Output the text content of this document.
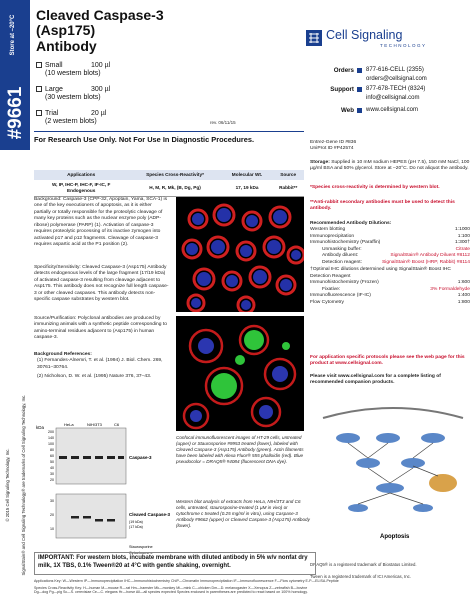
Store at –20°C
#9661
© 2015 Cell Signaling Technology, Inc.	SignalStain® and Cell Signaling Technology® are trademarks of Cell Signaling Technology, Inc.
Cleaved Caspase-3 (Asp175)
Antibody
Small	100 µl
(10 western blots)
Large	300 µl
(30 western blots)
Trial	20 µl
(2 western blots)	rev. 06/11/15
Cell Signaling
TECHNOLOGY
Orders 877-616-CELL (2355)
orders@cellsignal.com
Support 877-678-TECH (8324)
info@cellsignal.com
Web www.cellsignal.com
For Research Use Only. Not For Use In Diagnostic Procedures.
Applications	Species Cross-Reactivity*	Molecular Wt.	Source

W, IP, IHC-P, IHC-F, IF-IC, F
Endogenous	H, M, R, Mk, (B, Dg, Pg)	17, 19 kDa	Rabbit**
Background: Caspase-3 (CPP-32, Apoptain, Yama, SCA-1) is one of the key executioners of apoptosis, as it is either partially or totally responsible for the proteolytic cleavage of many key proteins such as the nuclear enzyme poly (ADP-ribose) polymerase (PARP) (1). Activation of caspase-3 requires proteolytic processing of its inactive zymogen into activated p17 and p12 fragments. Cleavage of caspase-3 requires aspartic acid at the P1 position (2).
Specificity/Sensitivity: Cleaved Caspase-3 (Asp175) Antibody detects endogenous levels of the large fragment (17/19 kDa) of activated caspase-3 resulting from cleavage adjacent to Asp175. This antibody does not recognize full length caspase-3 or other cleaved caspases. This antibody detects non-specific caspase substrates by western blot.
Source/Purification: Polyclonal antibodies are produced by immunizing animals with a synthetic peptide corresponding to amino-terminal residues adjacent to (Asp175) in human caspase-3.
Background References:
(1) Fernandes-Alnemri, T. et al. (1994) J. Biol. Chem. 269, 30761–30764.
(2) Nicholson, D. W. et al. (1995) Nature 376, 37–43.
Confocal immunofluorescent images of HT-29 cells, untreated (upper) or Staurosporine #9953 treated (lower), labeled with Cleaved Caspase-3 (Asp175) Antibody (green). Actin filaments have been labeled with Alexa Fluor® 555 phalloidin (red). Blue pseudocolor = DRAQ5® #4084 (fluorescent DNA dye).
kDa
HeLa	NIH/3T3	C6
Caspase-3
Cleaved Caspase-3
(19 kDa)
(17 kDa)
Staurosporine
Cytochrome c
200
140
100
80
60
50
40
30
20
30
20
10
Western blot analysis of extracts from HeLa, NIH/3T3 and C6 cells, untreated, staurosporine-treated (1 µM in vivo) or cytochrome c treated (0.25 mg/ml in vitro), using Caspase-3 Antibody #9662 (upper) or Cleaved Caspase-3 (Asp175) Antibody (lower).
Entrez-Gene ID #836
UniProt ID #P42574
Storage: Supplied in 10 mM sodium HEPES (pH 7.5), 150 mM NaCl, 100 µg/ml BSA and 50% glycerol. Store at –20°C. Do not aliquot the antibody.
*Species cross-reactivity is determined by western blot.
**Anti-rabbit secondary antibodies must be used to detect this antibody.
Recommended Antibody Dilutions:
Western blotting	1:1000
Immunoprecipitation	1:100
Immunohistochemistry (Paraffin)	1:300†
Unmasking buffer:	Citrate
Antibody diluent:	SignalStain® Antibody Diluent #8112
Detection reagent:	SignalStain® Boost (HRP, Rabbit) #8114
†Optimal IHC dilutions determined using SignalStain® Boost IHC Detection Reagent
Immunohistochemistry (Frozen)	1:600
Fixative:	3% Formaldehyde
Immunofluorescence (IF-IC)	1:400
Flow Cytometry	1:800
For application specific protocols please see the web page for this product at www.cellsignal.com.
Please visit www.cellsignal.com for a complete listing of recommended companion products.
Apoptosis
DRAQ5® is a registered trademark of Biostatus Limited.
Tween is a registered trademark of ICI Americas, Inc.
IMPORTANT: For western blots, incubate membrane with diluted antibody in 5% w/v nonfat dry milk, 1X TBS, 0.1% Tween®20 at 4°C with gentle shaking, overnight.
Applications Key: W—Western IP—Immunoprecipitation IHC—Immunohistochemistry ChIP—Chromatin Immunoprecipitation IF—Immunofluorescence F—Flow cytometry E-P—ELISA-Peptide
Species Cross-Reactivity Key: H—human M—mouse R—rat Hm—hamster Mk—monkey Mi—mink C—chicken Dm—D. melanogaster X—Xenopus Z—zebrafish B—bovine
Dg—dog Pg—pig Sc—S. cerevisiae Ce—C. elegans Hr—horse All—all species expected Species enclosed in parentheses are predicted to react based on 100% homology.
